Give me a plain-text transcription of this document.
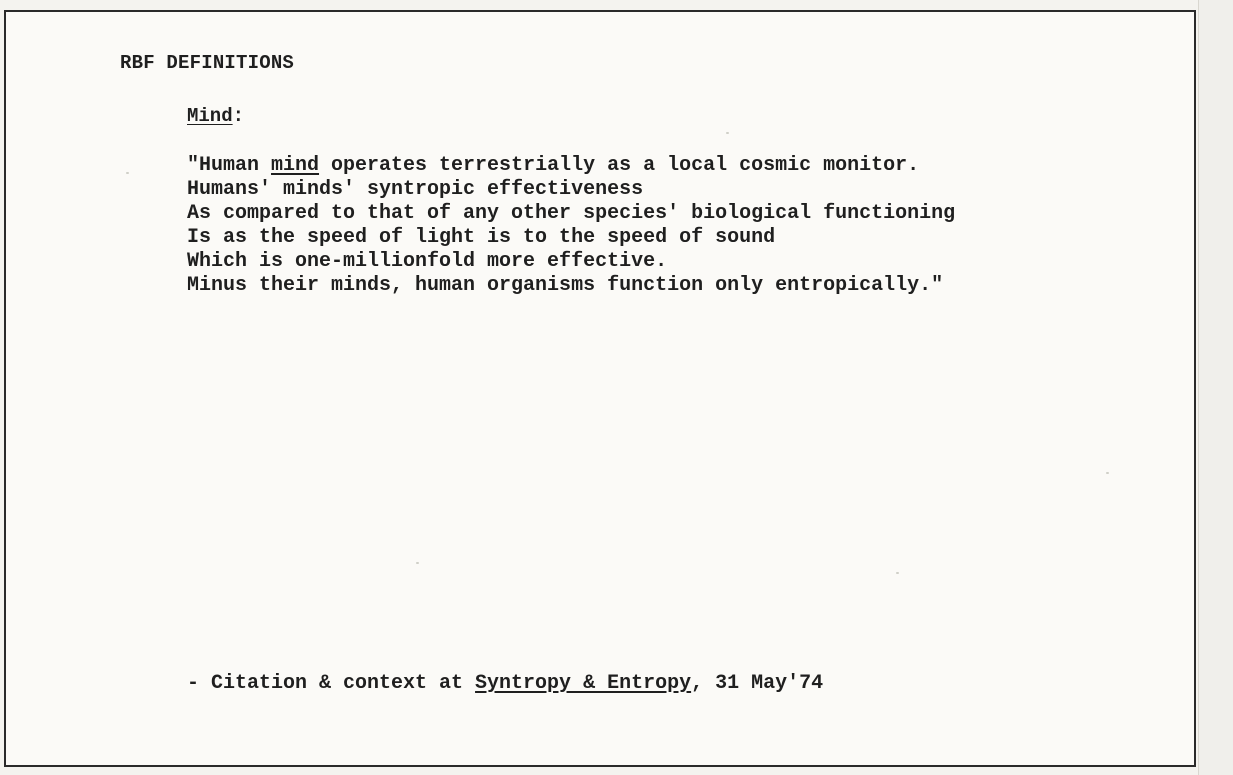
RBF DEFINITIONS
Mind:
"Human mind operates terrestrially as a local cosmic monitor.
Humans' minds' syntropic effectiveness
As compared to that of any other species' biological functioning
Is as the speed of light is to the speed of sound
Which is one-millionfold more effective.
Minus their minds, human organisms function only entropically."
- Citation & context at Syntropy & Entropy, 31 May'74
